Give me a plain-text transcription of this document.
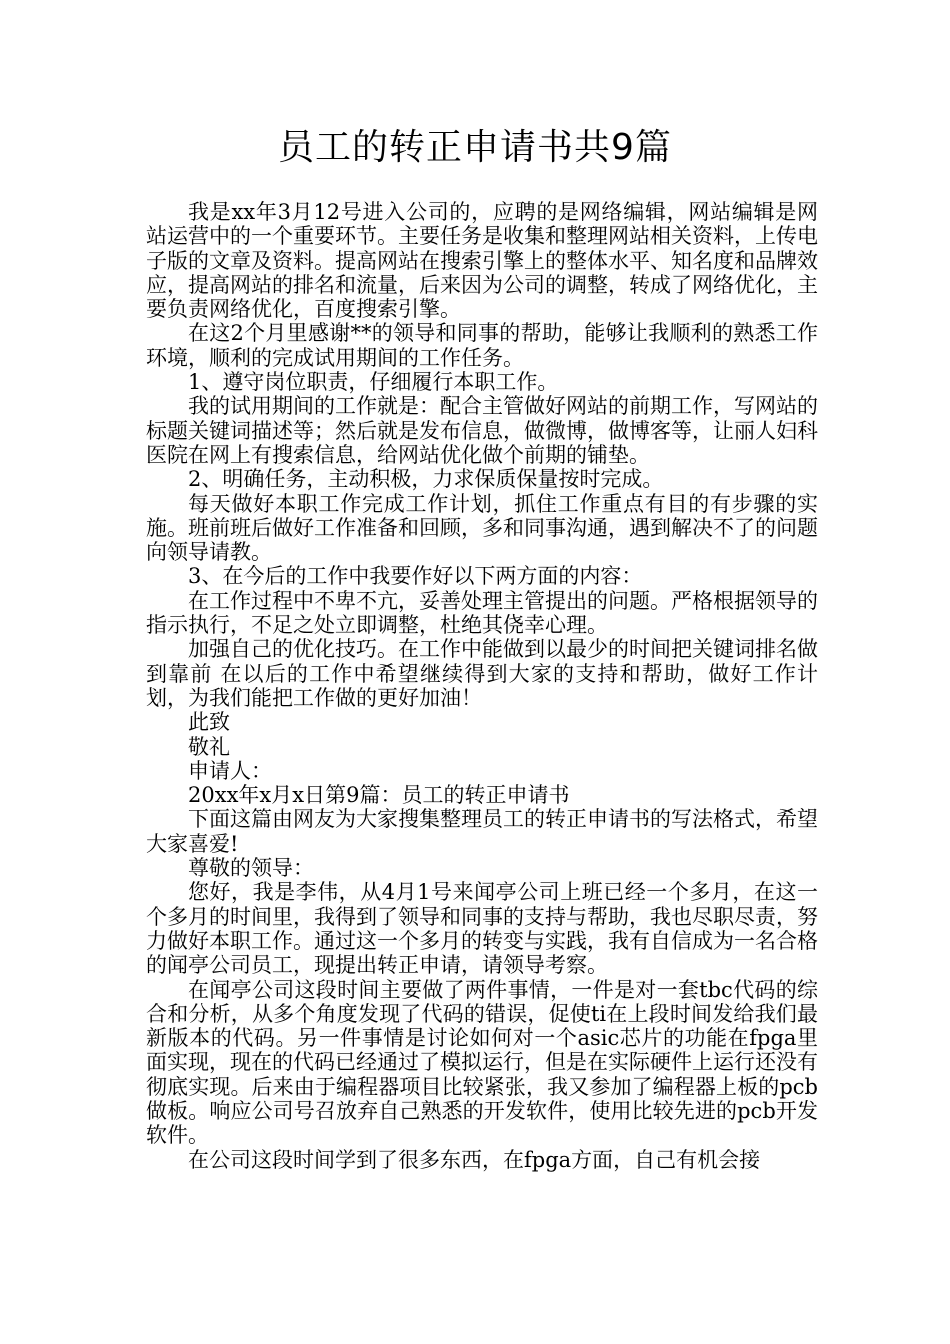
员工的转正申请书共9篇

我是xx年3月12号进入公司的，应聘的是网络编辑，网站编辑是网站运营中的一个重要环节。主要任务是收集和整理网站相关资料，上传电子版的文章及资料。提高网站在搜索引擎上的整体水平、知名度和品牌效应，提高网站的排名和流量，后来因为公司的调整，转成了网络优化，主要负责网络优化，百度搜索引擎。

在这2个月里感谢**的领导和同事的帮助，能够让我顺利的熟悉工作环境，顺利的完成试用期间的工作任务。

1、遵守岗位职责，仔细履行本职工作。

我的试用期间的工作就是：配合主管做好网站的前期工作，写网站的标题关键词描述等；然后就是发布信息，做微博，做博客等，让丽人妇科医院在网上有搜索信息，给网站优化做个前期的铺垫。

2、明确任务，主动积极，力求保质保量按时完成。

每天做好本职工作完成工作计划，抓住工作重点有目的有步骤的实施。班前班后做好工作准备和回顾，多和同事沟通，遇到解决不了的问题向领导请教。

3、在今后的工作中我要作好以下两方面的内容：

在工作过程中不卑不亢，妥善处理主管提出的问题。严格根据领导的指示执行，不足之处立即调整，杜绝其侥幸心理。

加强自己的优化技巧。在工作中能做到以最少的时间把关键词排名做到靠前 在以后的工作中希望继续得到大家的支持和帮助，做好工作计划，为我们能把工作做的更好加油！

此致

敬礼

申请人：

20xx年x月x日第9篇：员工的转正申请书

下面这篇由网友为大家搜集整理员工的转正申请书的写法格式，希望大家喜爱!

尊敬的领导：

您好，我是李伟，从4月1号来闻亭公司上班已经一个多月，在这一个多月的时间里，我得到了领导和同事的支持与帮助，我也尽职尽责，努力做好本职工作。通过这一个多月的转变与实践，我有自信成为一名合格的闻亭公司员工，现提出转正申请，请领导考察。

在闻亭公司这段时间主要做了两件事情，一件是对一套tbc代码的综合和分析，从多个角度发现了代码的错误，促使ti在上段时间发给我们最新版本的代码。另一件事情是讨论如何对一个asic芯片的功能在fpga里面实现，现在的代码已经通过了模拟运行，但是在实际硬件上运行还没有彻底实现。后来由于编程器项目比较紧张，我又参加了编程器上板的pcb做板。响应公司号召放弃自己熟悉的开发软件，使用比较先进的pcb开发软件。

在公司这段时间学到了很多东西，在fpga方面，自己有机会接
